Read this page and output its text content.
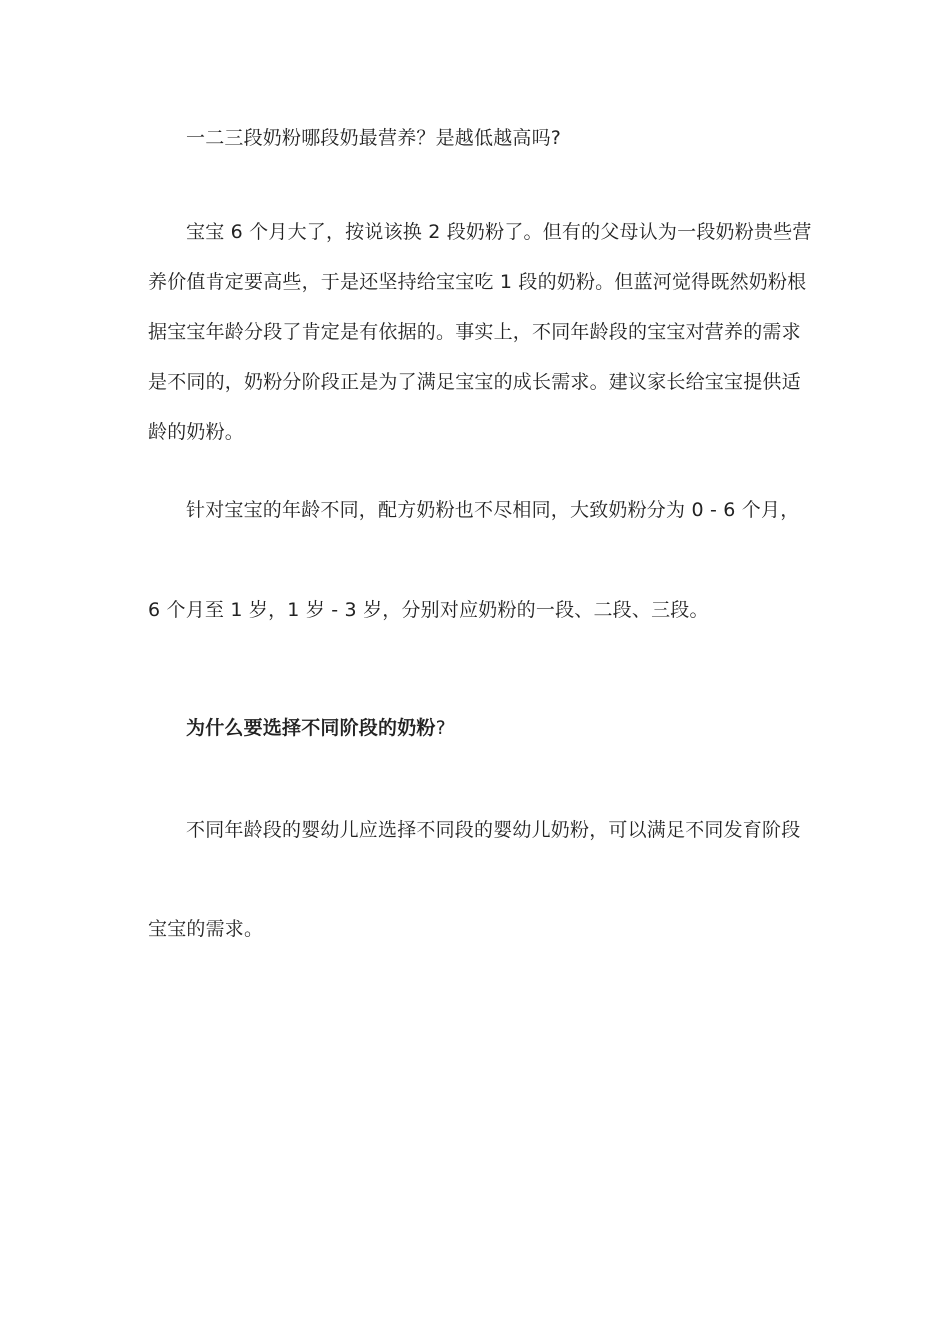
一二三段奶粉哪段奶最营养？是越低越高吗?
宝宝 6 个月大了，按说该换 2 段奶粉了。但有的父母认为一段奶粉贵些营
养价值肯定要高些，于是还坚持给宝宝吃 1 段的奶粉。但蓝河觉得既然奶粉根
据宝宝年龄分段了肯定是有依据的。事实上，不同年龄段的宝宝对营养的需求
是不同的，奶粉分阶段正是为了满足宝宝的成长需求。建议家长给宝宝提供适
龄的奶粉。
针对宝宝的年龄不同，配方奶粉也不尽相同，大致奶粉分为 0 - 6 个月，
6 个月至 1 岁，1 岁 - 3 岁，分别对应奶粉的一段、二段、三段。
为什么要选择不同阶段的奶粉?
不同年龄段的婴幼儿应选择不同段的婴幼儿奶粉，可以满足不同发育阶段
宝宝的需求。
